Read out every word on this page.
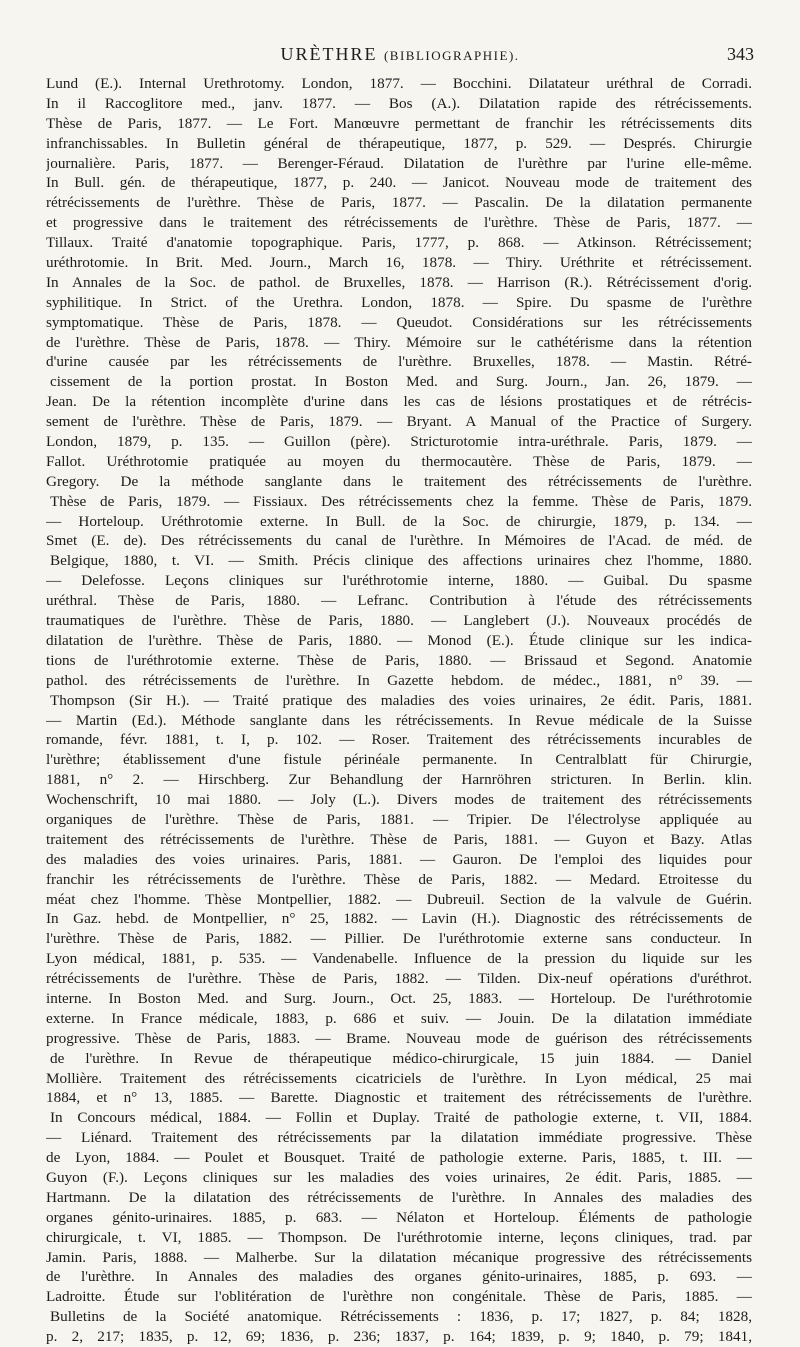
URÈTHRE (BIBLIOGRAPHIE).	343
Lund (E.). Internal Urethrotomy. London, 1877. — Bocchini. Dilatateur uréthral de Corradi.
In il Raccoglitore med., janv. 1877. — Bos (A.). Dilatation rapide des rétrécissements.
Thèse de Paris, 1877. — Le Fort. Manœuvre permettant de franchir les rétrécissements dits
infranchissables. In Bulletin général de thérapeutique, 1877, p. 529. — Després. Chirurgie
journalière. Paris, 1877. — Berenger-Féraud. Dilatation de l'urèthre par l'urine elle-même.
In Bull. gén. de thérapeutique, 1877, p. 240. — Janicot. Nouveau mode de traitement des
rétrécissements de l'urèthre. Thèse de Paris, 1877. — Pascalin. De la dilatation permanente
et progressive dans le traitement des rétrécissements de l'urèthre. Thèse de Paris, 1877. —
Tillaux. Traité d'anatomie topographique. Paris, 1777, p. 868. — Atkinson. Rétrécissement;
uréthrotomie. In Brit. Med. Journ., March 16, 1878. — Thiry. Uréthrite et rétrécissement.
In Annales de la Soc. de pathol. de Bruxelles, 1878. — Harrison (R.). Rétrécissement d'orig.
syphilitique. In Strict. of the Urethra. London, 1878. — Spire. Du spasme de l'urèthre
symptomatique. Thèse de Paris, 1878. — Queudot. Considérations sur les rétrécissements
de l'urèthre. Thèse de Paris, 1878. — Thiry. Mémoire sur le cathétérisme dans la rétention
d'urine causée par les rétrécissements de l'urèthre. Bruxelles, 1878. — Mastin. Rétré-
cissement de la portion prostat. In Boston Med. and Surg. Journ., Jan. 26, 1879. —
Jean. De la rétention incomplète d'urine dans les cas de lésions prostatiques et de rétrécis-
sement de l'urèthre. Thèse de Paris, 1879. — Bryant. A Manual of the Practice of Surgery.
London, 1879, p. 135. — Guillon (père). Stricturotomie intra-uréthrale. Paris, 1879. —
Fallot. Uréthrotomie pratiquée au moyen du thermocautère. Thèse de Paris, 1879. —
Gregory. De la méthode sanglante dans le traitement des rétrécissements de l'urèthre.
Thèse de Paris, 1879. — Fissiaux. Des rétrécissements chez la femme. Thèse de Paris, 1879.
— Horteloup. Uréthrotomie externe. In Bull. de la Soc. de chirurgie, 1879, p. 134. —
Smet (E. de). Des rétrécissements du canal de l'urèthre. In Mémoires de l'Acad. de méd. de
Belgique, 1880, t. VI. — Smith. Précis clinique des affections urinaires chez l'homme, 1880.
— Delefosse. Leçons cliniques sur l'uréthrotomie interne, 1880. — Guibal. Du spasme
uréthral. Thèse de Paris, 1880. — Lefranc. Contribution à l'étude des rétrécissements
traumatiques de l'urèthre. Thèse de Paris, 1880. — Langlebert (J.). Nouveaux procédés de
dilatation de l'urèthre. Thèse de Paris, 1880. — Monod (E.). Étude clinique sur les indica-
tions de l'uréthrotomie externe. Thèse de Paris, 1880. — Brissaud et Segond. Anatomie
pathol. des rétrécissements de l'urèthre. In Gazette hebdom. de médec., 1881, n° 39. —
Thompson (Sir H.). — Traité pratique des maladies des voies urinaires, 2e édit. Paris, 1881.
— Martin (Ed.). Méthode sanglante dans les rétrécissements. In Revue médicale de la Suisse
romande, févr. 1881, t. I, p. 102. — Roser. Traitement des rétrécissements incurables de
l'urèthre; établissement d'une fistule périnéale permanente. In Centralblatt für Chirurgie,
1881, n° 2. — Hirschberg. Zur Behandlung der Harnröhren stricturen. In Berlin. klin.
Wochenschrift, 10 mai 1880. — Joly (L.). Divers modes de traitement des rétrécissements
organiques de l'urèthre. Thèse de Paris, 1881. — Tripier. De l'électrolyse appliquée au
traitement des rétrécissements de l'urèthre. Thèse de Paris, 1881. — Guyon et Bazy. Atlas
des maladies des voies urinaires. Paris, 1881. — Gauron. De l'emploi des liquides pour
franchir les rétrécissements de l'urèthre. Thèse de Paris, 1882. — Medard. Etroitesse du
méat chez l'homme. Thèse Montpellier, 1882. — Dubreuil. Section de la valvule de Guérin.
In Gaz. hebd. de Montpellier, n° 25, 1882. — Lavin (H.). Diagnostic des rétrécissements de
l'urèthre. Thèse de Paris, 1882. — Pillier. De l'uréthrotomie externe sans conducteur. In
Lyon médical, 1881, p. 535. — Vandenabelle. Influence de la pression du liquide sur les
rétrécissements de l'urèthre. Thèse de Paris, 1882. — Tilden. Dix-neuf opérations d'uréthrot.
interne. In Boston Med. and Surg. Journ., Oct. 25, 1883. — Horteloup. De l'uréthrotomie
externe. In France médicale, 1883, p. 686 et suiv. — Jouin. De la dilatation immédiate
progressive. Thèse de Paris, 1883. — Brame. Nouveau mode de guérison des rétrécissements
de l'urèthre. In Revue de thérapeutique médico-chirurgicale, 15 juin 1884. — Daniel
Mollière. Traitement des rétrécissements cicatriciels de l'urèthre. In Lyon médical, 25 mai
1884, et n° 13, 1885. — Barette. Diagnostic et traitement des rétrécissements de l'urèthre.
In Concours médical, 1884. — Follin et Duplay. Traité de pathologie externe, t. VII, 1884.
— Liénard. Traitement des rétrécissements par la dilatation immédiate progressive. Thèse
de Lyon, 1884. — Poulet et Bousquet. Traité de pathologie externe. Paris, 1885, t. III. —
Guyon (F.). Leçons cliniques sur les maladies des voies urinaires, 2e édit. Paris, 1885. —
Hartmann. De la dilatation des rétrécissements de l'urèthre. In Annales des maladies des
organes génito-urinaires. 1885, p. 683. — Nélaton et Horteloup. Éléments de pathologie
chirurgicale, t. VI, 1885. — Thompson. De l'uréthrotomie interne, leçons cliniques, trad. par
Jamin. Paris, 1888. — Malherbe. Sur la dilatation mécanique progressive des rétrécissements
de l'urèthre. In Annales des maladies des organes génito-urinaires, 1885, p. 693. —
Ladroitte. Étude sur l'oblitération de l'urèthre non congénitale. Thèse de Paris, 1885. —
Bulletins de la Société anatomique. Rétrécissements : 1836, p. 17; 1827, p. 84; 1828,
p. 2, 217; 1835, p. 12, 69; 1836, p. 236; 1837, p. 164; 1839, p. 9; 1840, p. 79; 1841,
